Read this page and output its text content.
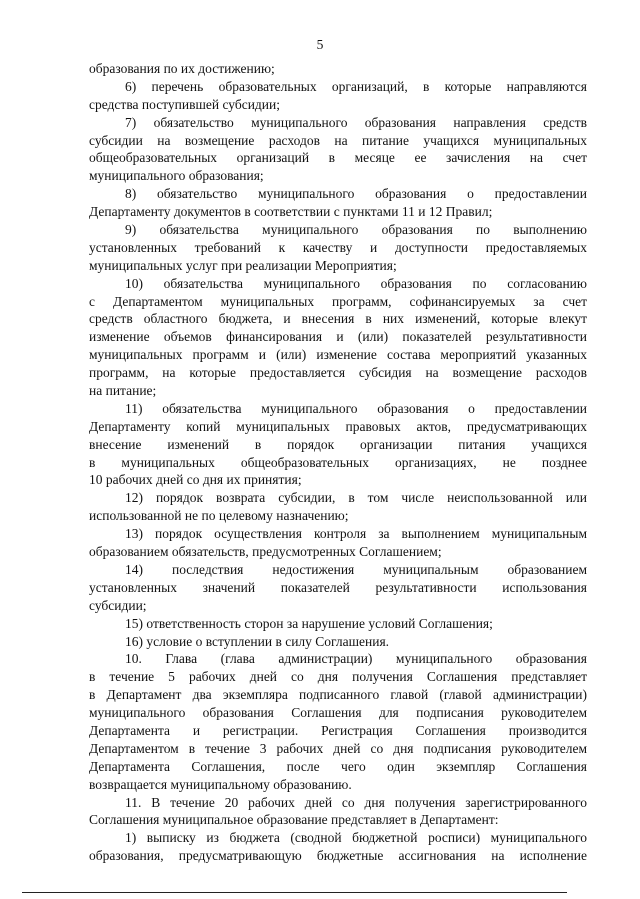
5
образования по их достижению;
6) перечень образовательных организаций, в которые направляются
средства поступившей субсидии;
7) обязательство муниципального образования направления средств
субсидии на возмещение расходов на питание учащихся муниципальных
общеобразовательных организаций в месяце ее зачисления на счет
муниципального образования;
8) обязательство муниципального образования о предоставлении
Департаменту документов в соответствии с пунктами 11 и 12 Правил;
9) обязательства муниципального образования по выполнению
установленных требований к качеству и доступности предоставляемых
муниципальных услуг при реализации Мероприятия;
10) обязательства муниципального образования по согласованию
с Департаментом муниципальных программ, софинансируемых за счет
средств областного бюджета, и внесения в них изменений, которые влекут
изменение объемов финансирования и (или) показателей результативности
муниципальных программ и (или) изменение состава мероприятий указанных
программ, на которые предоставляется субсидия на возмещение расходов
на питание;
11) обязательства муниципального образования о предоставлении
Департаменту копий муниципальных правовых актов, предусматривающих
внесение изменений в порядок организации питания учащихся
в муниципальных общеобразовательных организациях, не позднее
10 рабочих дней со дня их принятия;
12) порядок возврата субсидии, в том числе неиспользованной или
использованной не по целевому назначению;
13) порядок осуществления контроля за выполнением муниципальным
образованием обязательств, предусмотренных Соглашением;
14) последствия недостижения муниципальным образованием
установленных значений показателей результативности использования
субсидии;
15) ответственность сторон за нарушение условий Соглашения;
16) условие о вступлении в силу Соглашения.
10. Глава (глава администрации) муниципального образования
в течение 5 рабочих дней со дня получения Соглашения представляет
в Департамент два экземпляра подписанного главой (главой администрации)
муниципального образования Соглашения для подписания руководителем
Департамента и регистрации. Регистрация Соглашения производится
Департаментом в течение 3 рабочих дней со дня подписания руководителем
Департамента Соглашения, после чего один экземпляр Соглашения
возвращается муниципальному образованию.
11. В течение 20 рабочих дней со дня получения зарегистрированного
Соглашения муниципальное образование представляет в Департамент:
1) выписку из бюджета (сводной бюджетной росписи) муниципального
образования, предусматривающую бюджетные ассигнования на исполнение
